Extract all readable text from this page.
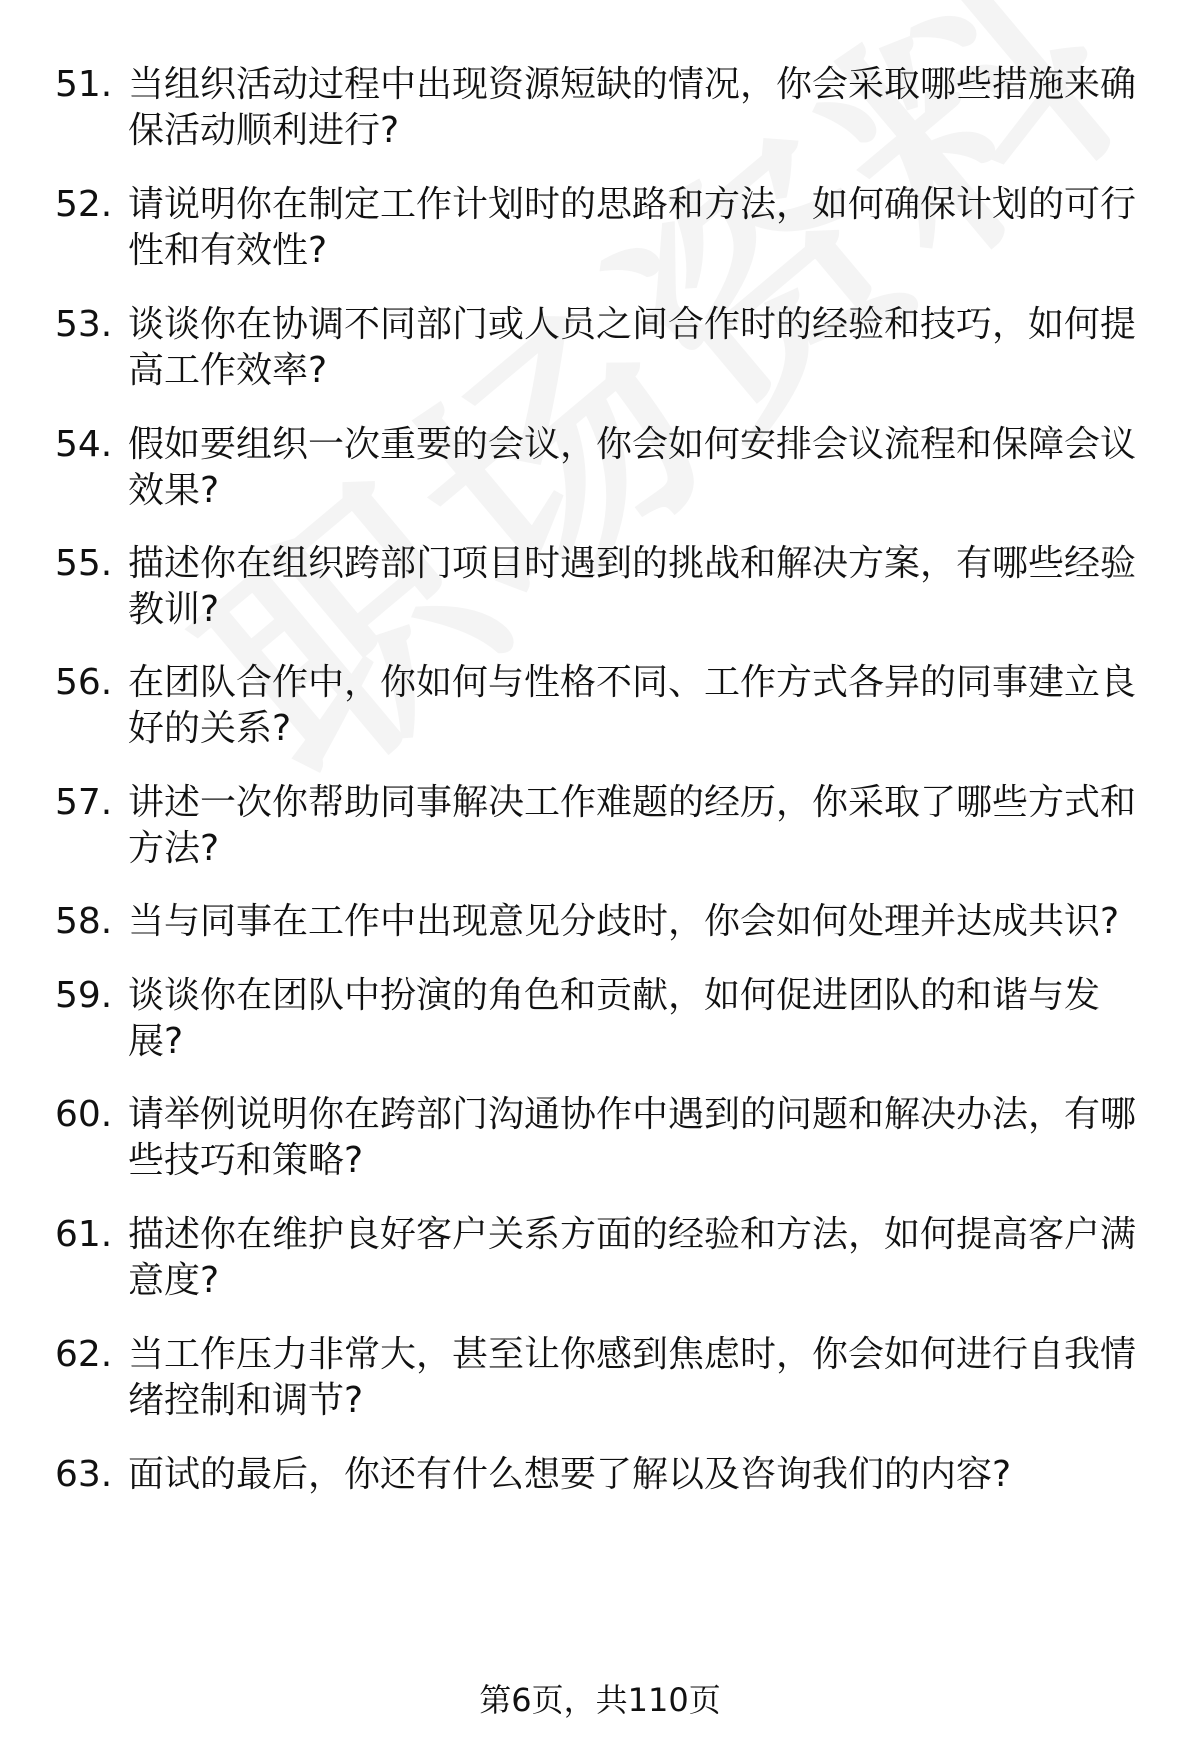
51. 当组织活动过程中出现资源短缺的情况，你会采取哪些措施来确保活动顺利进行?
52. 请说明你在制定工作计划时的思路和方法，如何确保计划的可行性和有效性?
53. 谈谈你在协调不同部门或人员之间合作时的经验和技巧，如何提高工作效率?
54. 假如要组织一次重要的会议，你会如何安排会议流程和保障会议效果?
55. 描述你在组织跨部门项目时遇到的挑战和解决方案，有哪些经验教训?
56. 在团队合作中，你如何与性格不同、工作方式各异的同事建立良好的关系?
57. 讲述一次你帮助同事解决工作难题的经历，你采取了哪些方式和方法?
58. 当与同事在工作中出现意见分歧时，你会如何处理并达成共识?
59. 谈谈你在团队中扮演的角色和贡献，如何促进团队的和谐与发展?
60. 请举例说明你在跨部门沟通协作中遇到的问题和解决办法，有哪些技巧和策略?
61. 描述你在维护良好客户关系方面的经验和方法，如何提高客户满意度?
62. 当工作压力非常大，甚至让你感到焦虑时，你会如何进行自我情绪控制和调节?
63. 面试的最后，你还有什么想要了解以及咨询我们的内容?
第6页，共110页
